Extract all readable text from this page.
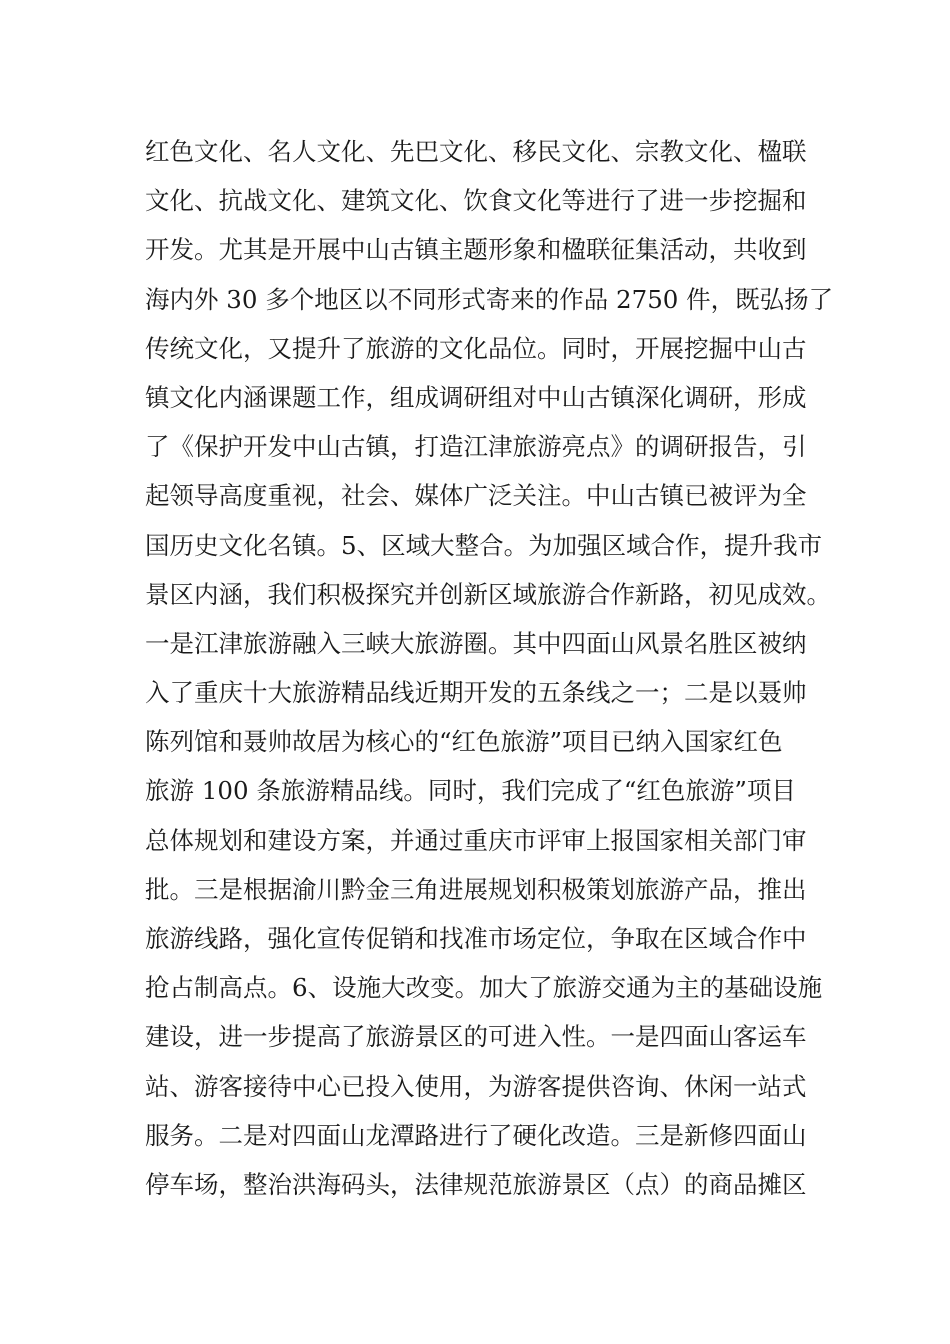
红色文化、名人文化、先巴文化、移民文化、宗教文化、楹联
文化、抗战文化、建筑文化、饮食文化等进行了进一步挖掘和
开发。尤其是开展中山古镇主题形象和楹联征集活动，共收到
海内外 30 多个地区以不同形式寄来的作品 2750 件，既弘扬了
传统文化，又提升了旅游的文化品位。同时，开展挖掘中山古
镇文化内涵课题工作，组成调研组对中山古镇深化调研，形成
了《保护开发中山古镇，打造江津旅游亮点》的调研报告，引
起领导高度重视，社会、媒体广泛关注。中山古镇已被评为全
国历史文化名镇。5、区域大整合。为加强区域合作，提升我市
景区内涵，我们积极探究并创新区域旅游合作新路，初见成效。
一是江津旅游融入三峡大旅游圈。其中四面山风景名胜区被纳
入了重庆十大旅游精品线近期开发的五条线之一；二是以聂帅
陈列馆和聂帅故居为核心的“红色旅游”项目已纳入国家红色
旅游 100 条旅游精品线。同时，我们完成了“红色旅游”项目
总体规划和建设方案，并通过重庆市评审上报国家相关部门审
批。三是根据渝川黔金三角进展规划积极策划旅游产品，推出
旅游线路，强化宣传促销和找准市场定位，争取在区域合作中
抢占制高点。6、设施大改变。加大了旅游交通为主的基础设施
建设，进一步提高了旅游景区的可进入性。一是四面山客运车
站、游客接待中心已投入使用，为游客提供咨询、休闲一站式
服务。二是对四面山龙潭路进行了硬化改造。三是新修四面山
停车场，整治洪海码头，法律规范旅游景区（点）的商品摊区
